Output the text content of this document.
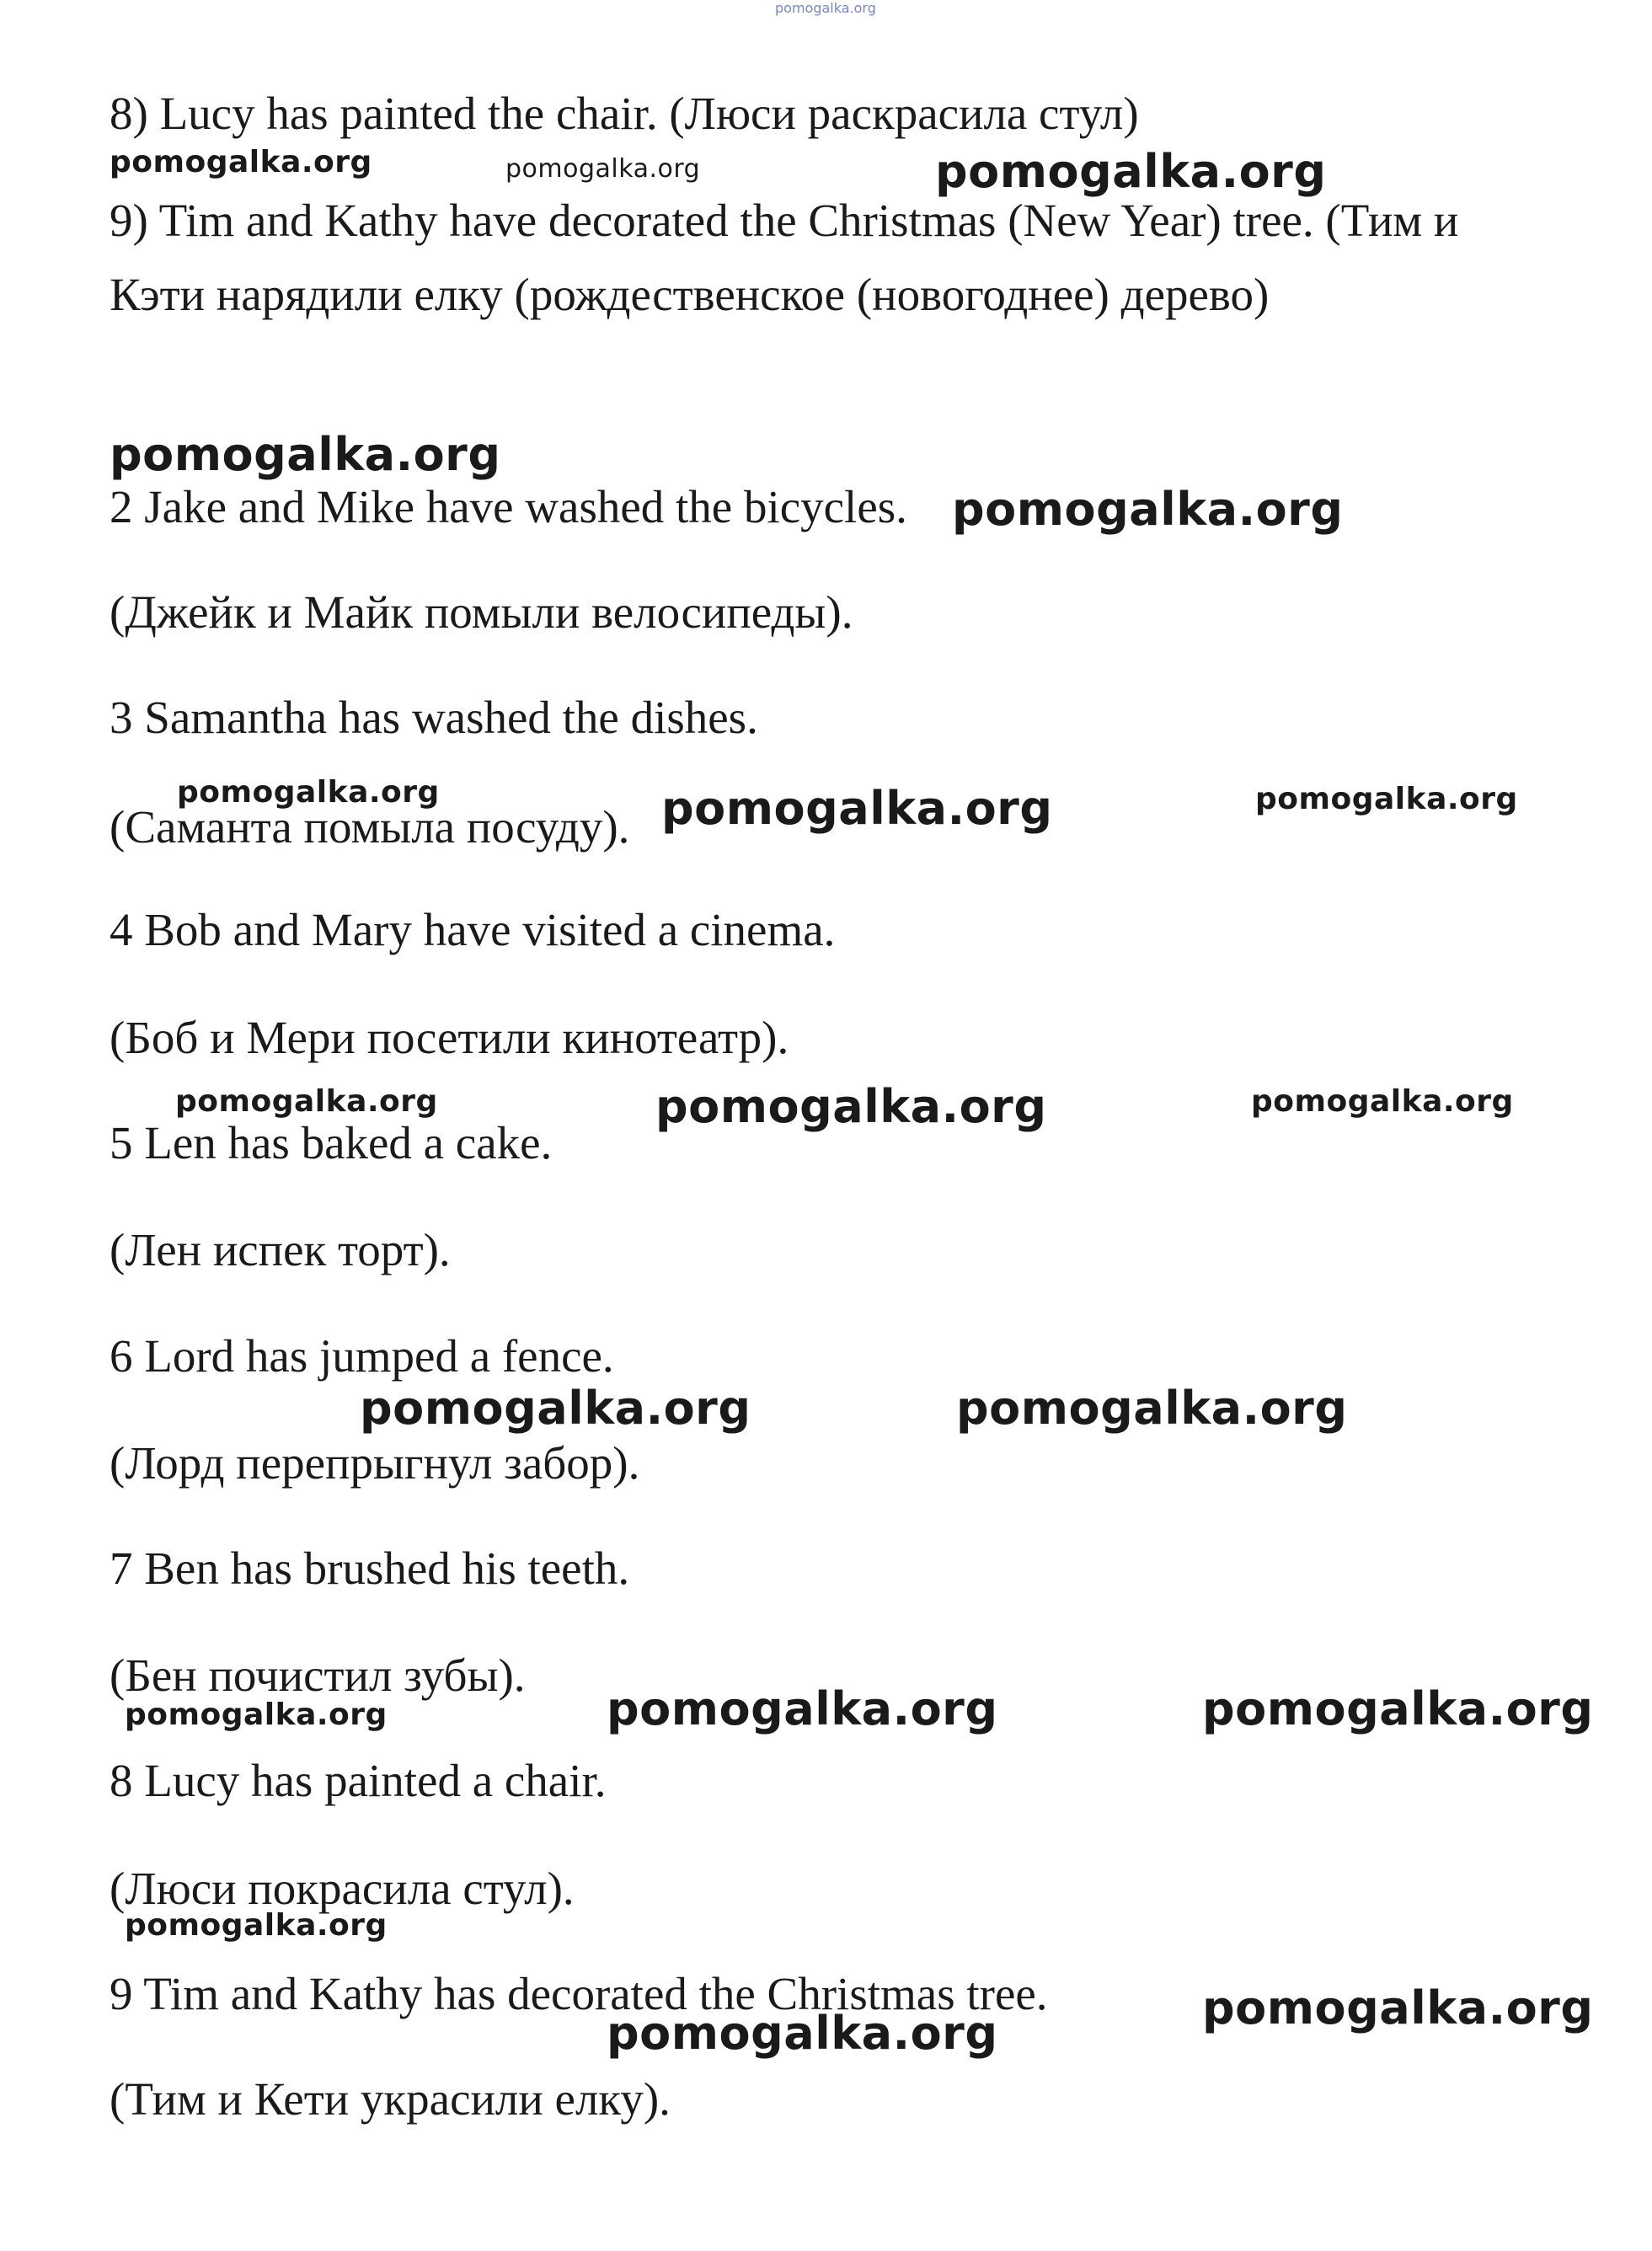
pomogalka.org
8) Lucy has painted the chair. (Люси раскрасила стул)
9) Tim and Kathy have decorated the Christmas (New Year) tree. (Тим и
Кэти нарядили елку (рождественское (новогоднее) дерево)
2 Jake and Mike have washed the bicycles.
(Джейк и Майк помыли велосипеды).
3 Samantha has washed the dishes.
(Саманта помыла посуду).
4 Bob and Mary have visited a cinema.
(Боб и Мери посетили кинотеатр).
5 Len has baked a cake.
(Лен испек торт).
6 Lord has jumped a fence.
(Лорд перепрыгнул забор).
7 Ben has brushed his teeth.
(Бен почистил зубы).
8 Lucy has painted a chair.
(Люси покрасила стул).
9 Tim and Kathy has decorated the Christmas tree.
(Тим и Кети украсили елку).
pomogalka.org	pomogalka.org	pomogalka.org
pomogalka.org
pomogalka.org
pomogalka.org	pomogalka.org	pomogalka.org
pomogalka.org	pomogalka.org	pomogalka.org
pomogalka.org	pomogalka.org
pomogalka.org	pomogalka.org	pomogalka.org
pomogalka.org
pomogalka.org	pomogalka.org
